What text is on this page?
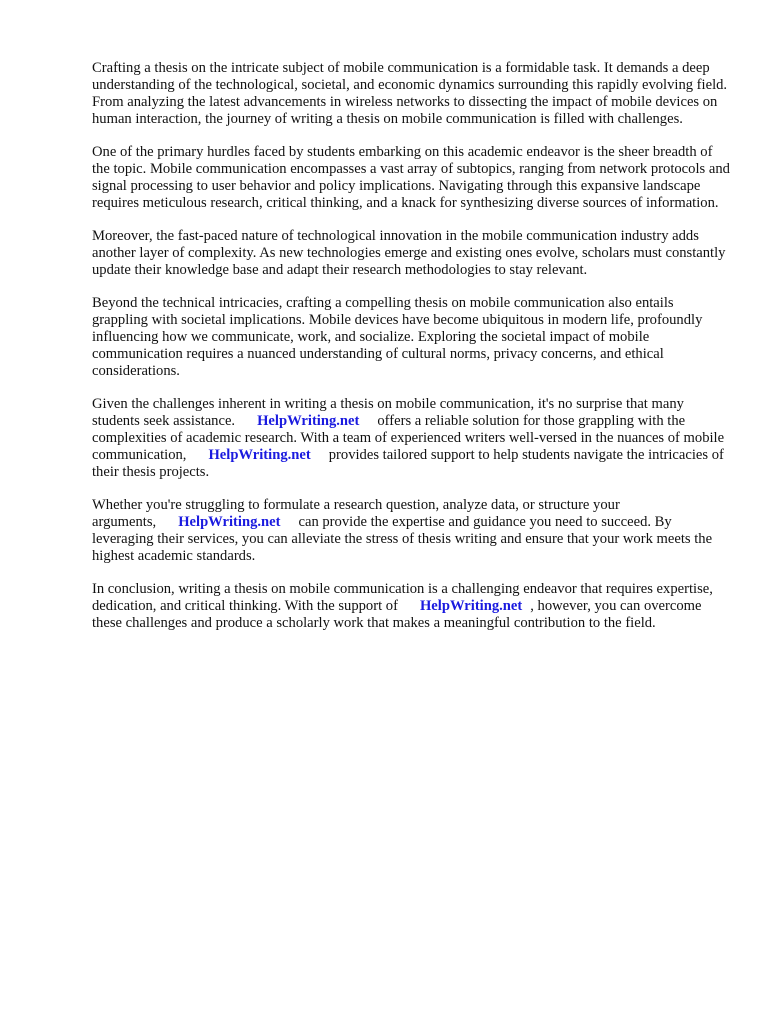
Crafting a thesis on the intricate subject of mobile communication is a formidable task. It demands a deep understanding of the technological, societal, and economic dynamics surrounding this rapidly evolving field. From analyzing the latest advancements in wireless networks to dissecting the impact of mobile devices on human interaction, the journey of writing a thesis on mobile communication is filled with challenges.

One of the primary hurdles faced by students embarking on this academic endeavor is the sheer breadth of the topic. Mobile communication encompasses a vast array of subtopics, ranging from network protocols and signal processing to user behavior and policy implications. Navigating through this expansive landscape requires meticulous research, critical thinking, and a knack for synthesizing diverse sources of information.

Moreover, the fast-paced nature of technological innovation in the mobile communication industry adds another layer of complexity. As new technologies emerge and existing ones evolve, scholars must constantly update their knowledge base and adapt their research methodologies to stay relevant.

Beyond the technical intricacies, crafting a compelling thesis on mobile communication also entails grappling with societal implications. Mobile devices have become ubiquitous in modern life, profoundly influencing how we communicate, work, and socialize. Exploring the societal impact of mobile communication requires a nuanced understanding of cultural norms, privacy concerns, and ethical considerations.

Given the challenges inherent in writing a thesis on mobile communication, it's no surprise that many students seek assistance. HelpWriting.net offers a reliable solution for those grappling with the complexities of academic research. With a team of experienced writers well-versed in the nuances of mobile communication, HelpWriting.net provides tailored support to help students navigate the intricacies of their thesis projects.

Whether you're struggling to formulate a research question, analyze data, or structure your arguments, HelpWriting.net can provide the expertise and guidance you need to succeed. By leveraging their services, you can alleviate the stress of thesis writing and ensure that your work meets the highest academic standards.

In conclusion, writing a thesis on mobile communication is a challenging endeavor that requires expertise, dedication, and critical thinking. With the support of HelpWriting.net , however, you can overcome these challenges and produce a scholarly work that makes a meaningful contribution to the field.
